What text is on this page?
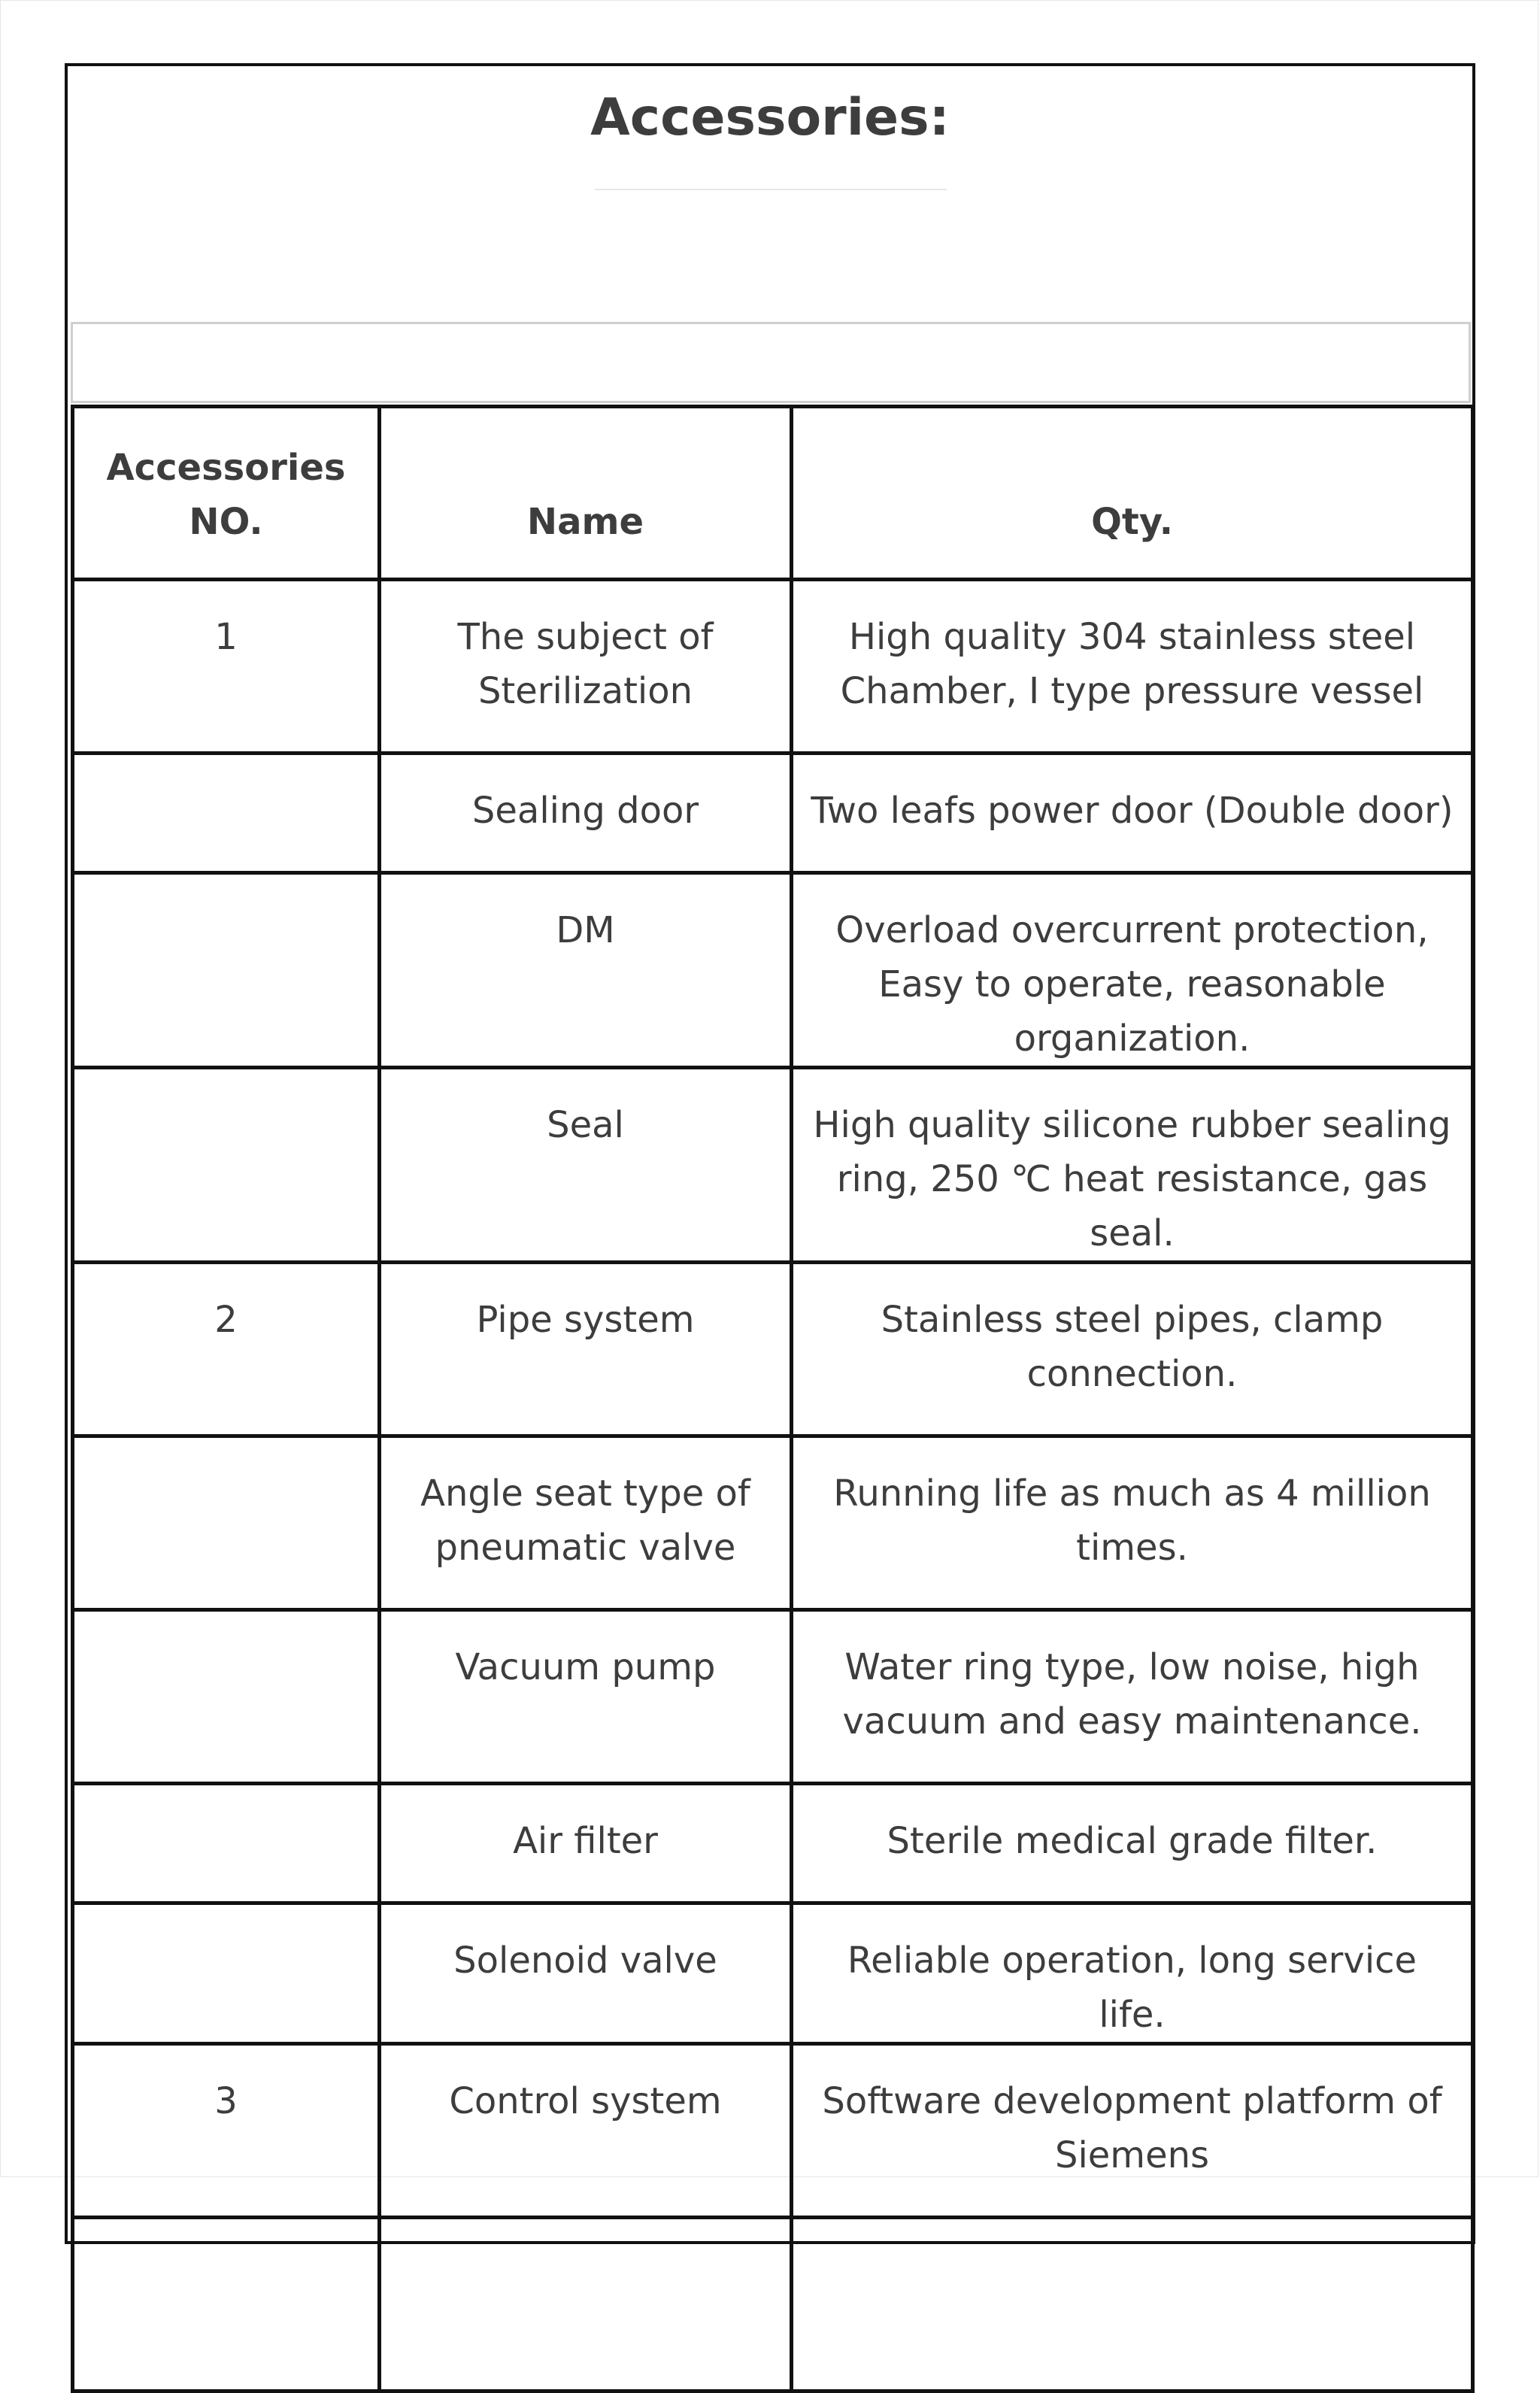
Accessories:
Accessories NO.	Name	Qty.
1	The subject of Sterilization	High quality 304 stainless steel Chamber, I type pressure vessel
	Sealing door	Two leafs power door (Double door)
	DM	Overload overcurrent protection, Easy to operate, reasonable organization.
	Seal	High quality silicone rubber sealing ring, 250 ℃ heat resistance, gas seal.
2	Pipe system	Stainless steel pipes, clamp connection.
	Angle seat type of pneumatic valve	Running life as much as 4 million times.
	Vacuum pump	Water ring type, low noise, high vacuum and easy maintenance.
	Air filter	Sterile medical grade filter.
	Solenoid valve	Reliable operation, long service life.
3	Control system	Software development platform of Siemens
